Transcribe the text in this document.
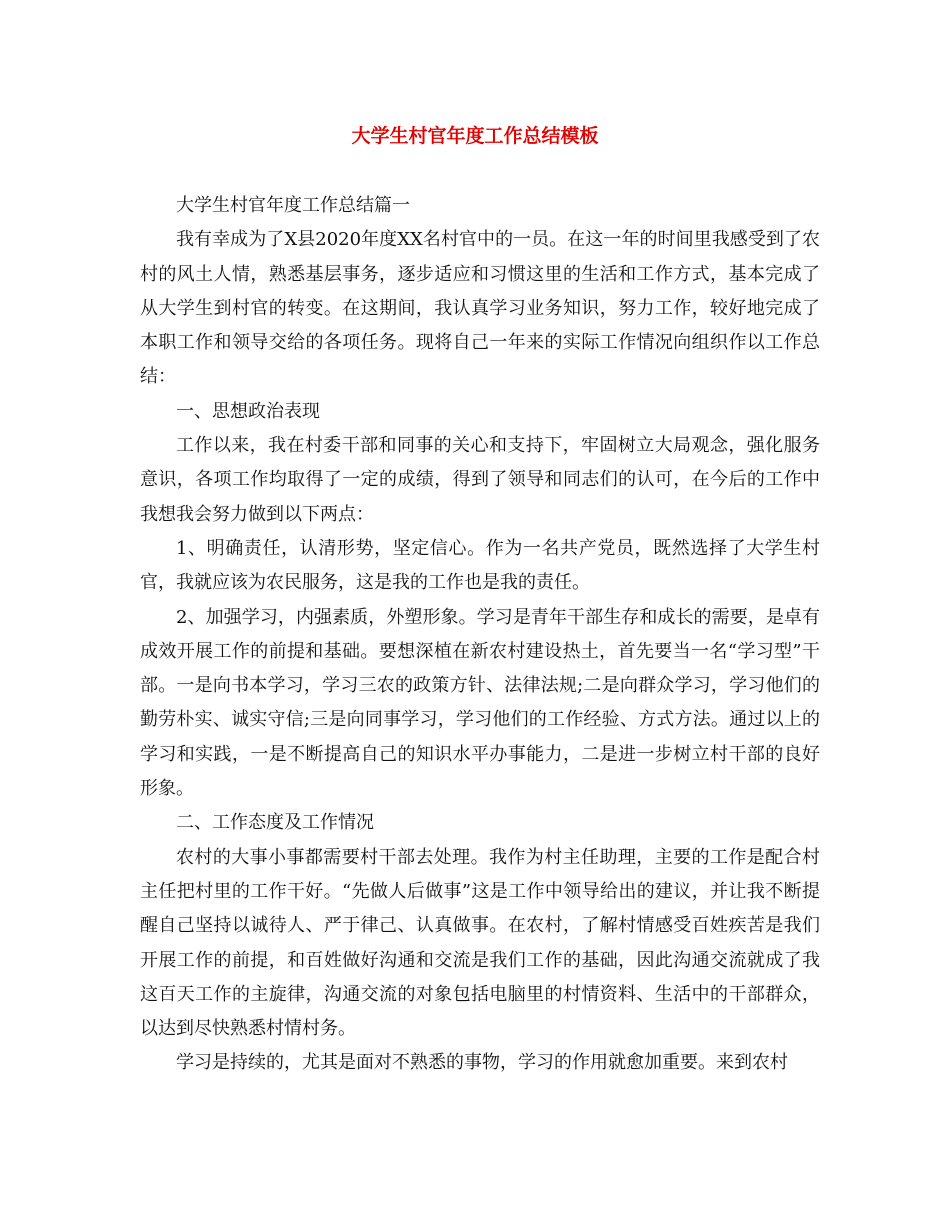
大学生村官年度工作总结模板

大学生村官年度工作总结篇一

我有幸成为了X县2020年度XX名村官中的一员。在这一年的时间里我感受到了农村的风土人情，熟悉基层事务，逐步适应和习惯这里的生活和工作方式，基本完成了从大学生到村官的转变。在这期间，我认真学习业务知识，努力工作，较好地完成了本职工作和领导交给的各项任务。现将自己一年来的实际工作情况向组织作以工作总结：

一、思想政治表现

工作以来，我在村委干部和同事的关心和支持下，牢固树立大局观念，强化服务意识，各项工作均取得了一定的成绩，得到了领导和同志们的认可，在今后的工作中我想我会努力做到以下两点：

1、明确责任，认清形势，坚定信心。作为一名共产党员，既然选择了大学生村官，我就应该为农民服务，这是我的工作也是我的责任。

2、加强学习，内强素质，外塑形象。学习是青年干部生存和成长的需要，是卓有成效开展工作的前提和基础。要想深植在新农村建设热土，首先要当一名“学习型”干部。一是向书本学习，学习三农的政策方针、法律法规;二是向群众学习，学习他们的勤劳朴实、诚实守信;三是向同事学习，学习他们的工作经验、方式方法。通过以上的学习和实践，一是不断提高自己的知识水平办事能力，二是进一步树立村干部的良好形象。

二、工作态度及工作情况

农村的大事小事都需要村干部去处理。我作为村主任助理，主要的工作是配合村主任把村里的工作干好。“先做人后做事”这是工作中领导给出的建议，并让我不断提醒自己坚持以诚待人、严于律己、认真做事。在农村，了解村情感受百姓疾苦是我们开展工作的前提，和百姓做好沟通和交流是我们工作的基础，因此沟通交流就成了我这百天工作的主旋律，沟通交流的对象包括电脑里的村情资料、生活中的干部群众，以达到尽快熟悉村情村务。

学习是持续的，尤其是面对不熟悉的事物，学习的作用就愈加重要。来到农村
